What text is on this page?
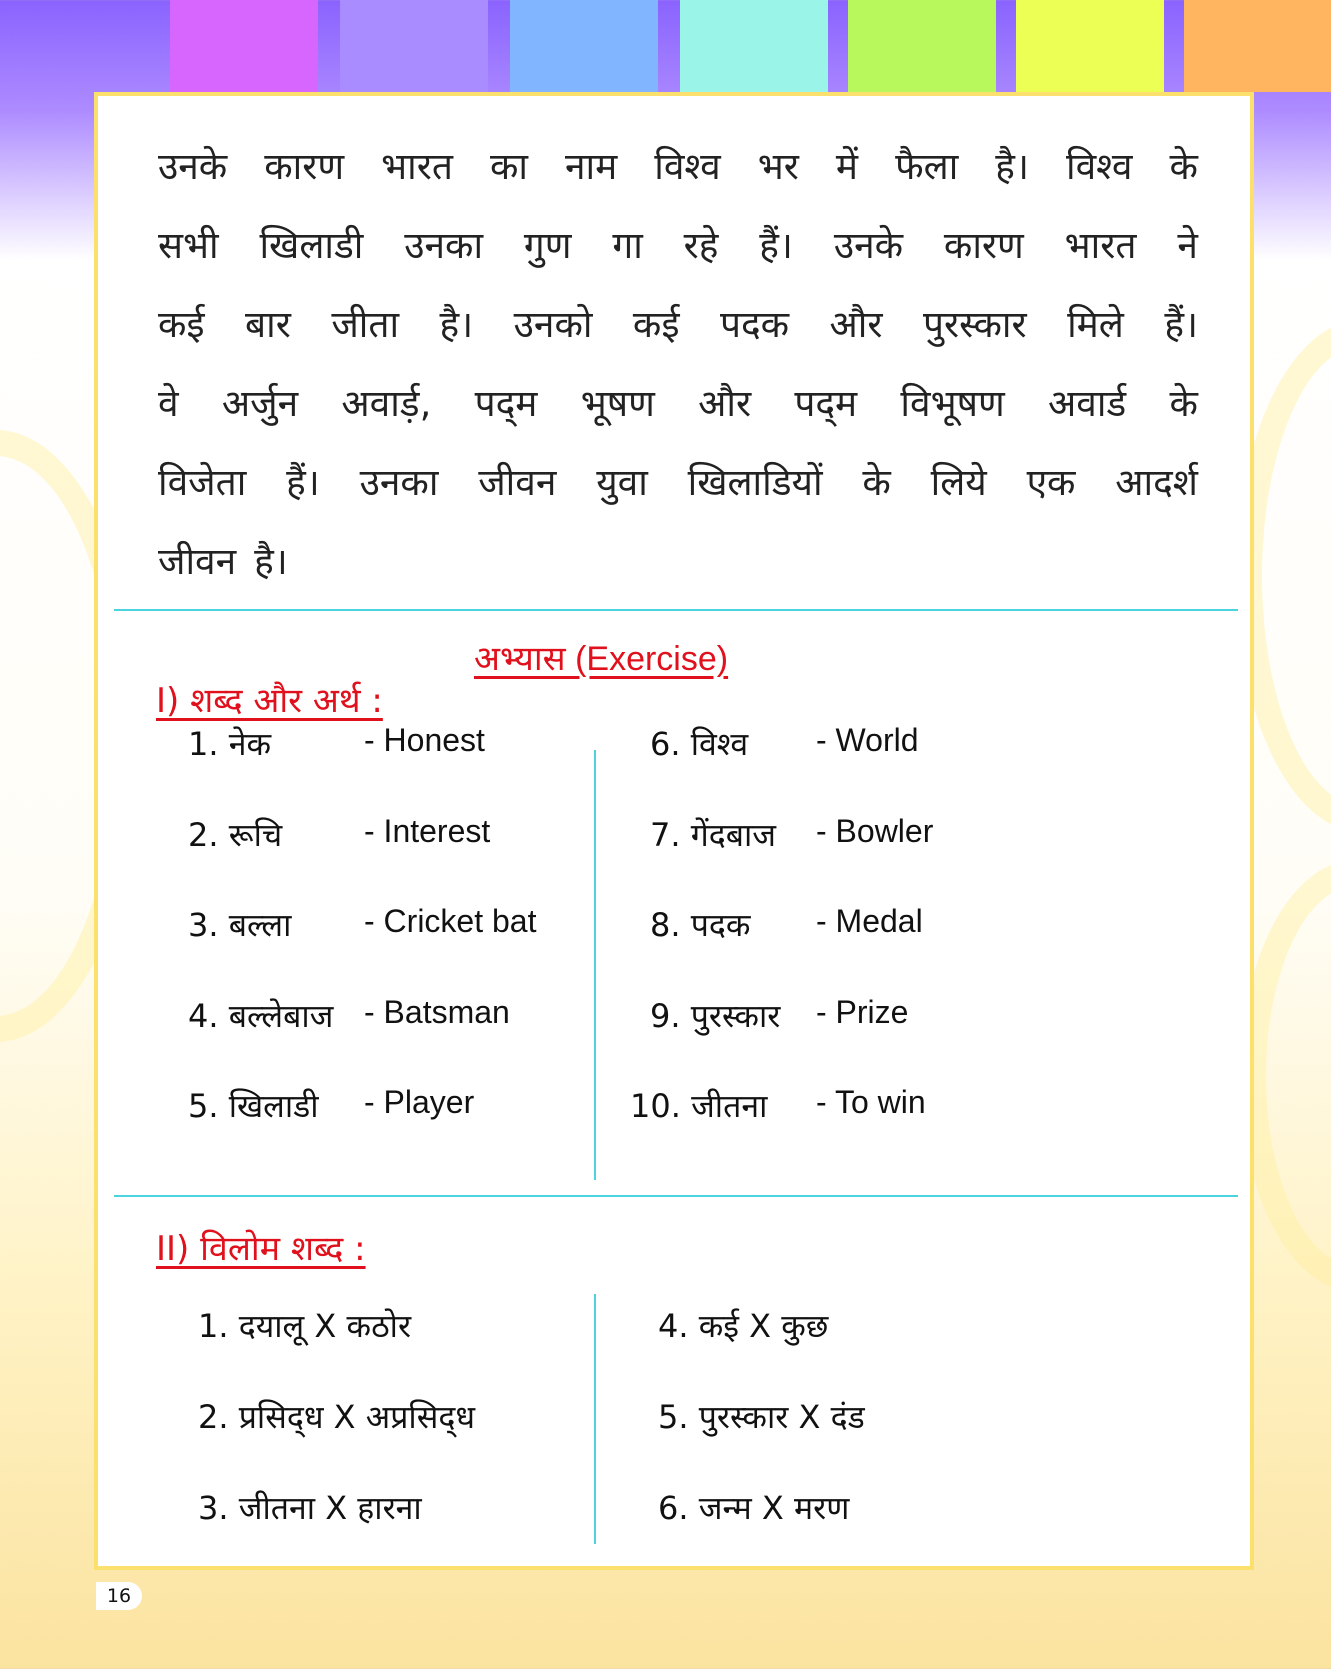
उनके कारण भारत का नाम विश्व भर में फैला है। विश्व के
सभी खिलाडी उनका गुण गा रहे हैं। उनके कारण भारत ने
कई बार जीता है। उनको कई पदक और पुरस्कार मिले हैं।
वे अर्जुन अवार्ड़, पद्‌म भूषण और पद्‌म विभूषण अवार्ड के
विजेता हैं। उनका जीवन युवा खिलाडियों के लिये एक आदर्श
जीवन है।
अभ्यास (Exercise)
I) शब्द और अर्थ :
1. नेक	- Honest
2. रूचि	- Interest
3. बल्ला - Cricket bat
4. बल्लेबाज - Batsman
5. खिलाडी - Player
6. विश्व - World
7. गेंदबाज - Bowler
8. पदक - Medal
9. पुरस्कार - Prize
10. जीतना - To win
II) विलोम शब्द :
1. दयालू X कठोर
2. प्रसिद्‌ध X अप्रसिद्‌ध
3. जीतना X हारना
4. कई X कुछ
5. पुरस्कार X दंड
6. जन्म X मरण
16
